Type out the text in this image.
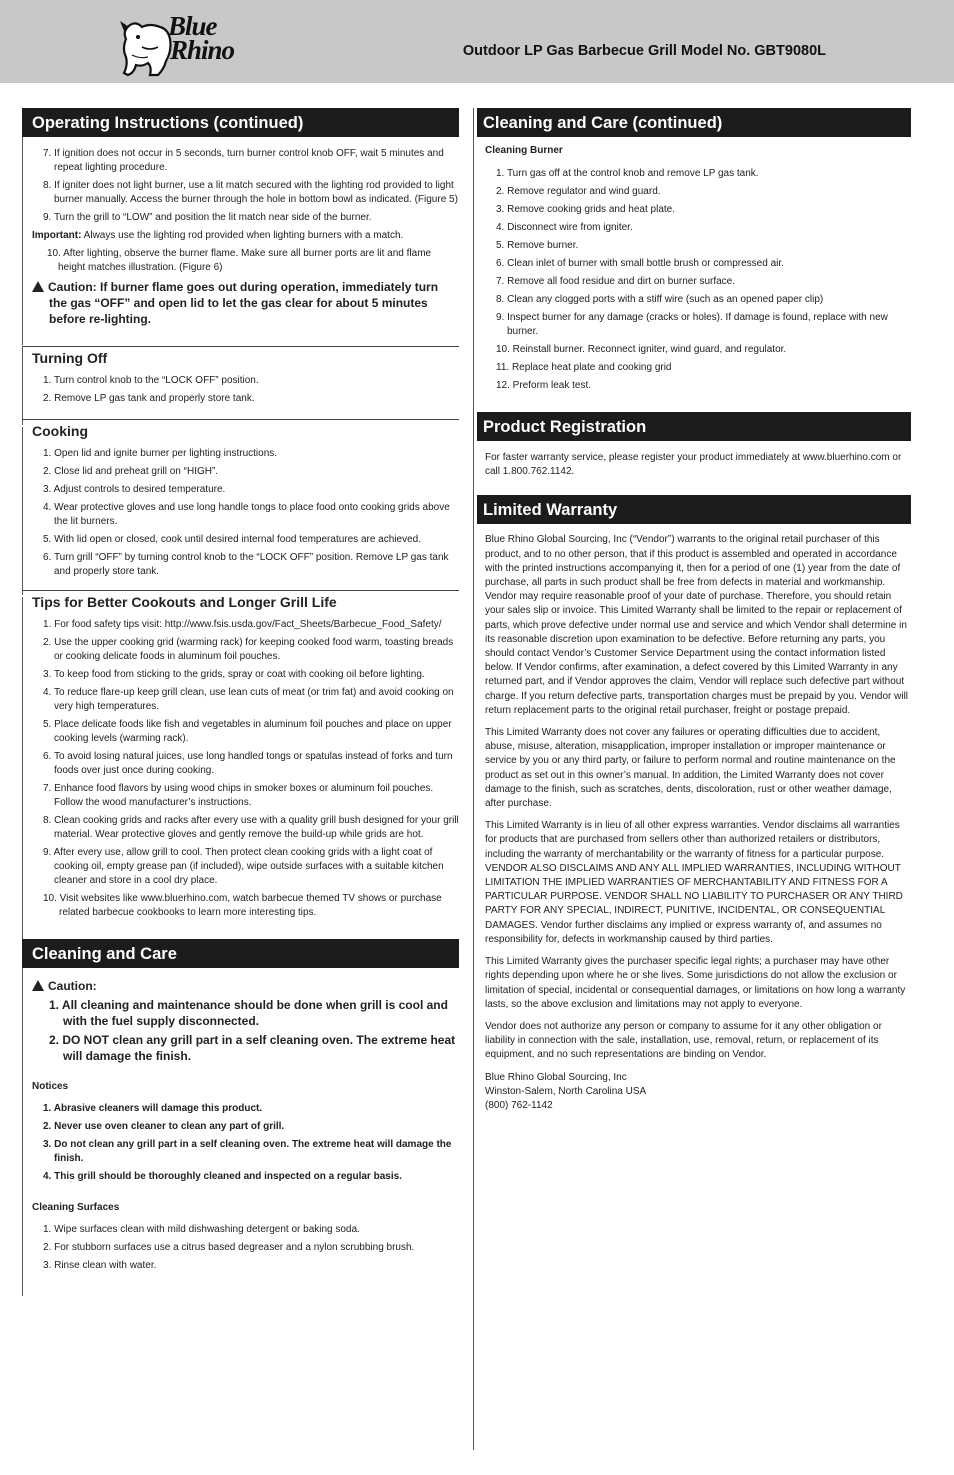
Blue
Rhino	Outdoor LP Gas Barbecue Grill Model No. GBT9080L
Operating Instructions (continued)
7. If ignition does not occur in 5 seconds, turn burner control knob OFF, wait 5 minutes and repeat lighting procedure.
8. If igniter does not light burner, use a lit match secured with the lighting rod provided to light burner manually. Access the burner through the hole in bottom bowl as indicated. (Figure 5)
9. Turn the grill to “LOW” and position the lit match near side of the burner.
Important: Always use the lighting rod provided when lighting burners with a match.
10. After lighting, observe the burner flame. Make sure all burner ports are lit and flame height matches illustration. (Figure 6)
Caution: If burner flame goes out during operation, immediately turn the gas “OFF” and open lid to let the gas clear for about 5 minutes before re-lighting.
Turning Off
1. Turn control knob to the “LOCK OFF” position.
2. Remove LP gas tank and properly store tank.
Cooking
1. Open lid and ignite burner per lighting instructions.
2. Close lid and preheat grill on “HIGH”.
3. Adjust controls to desired temperature.
4. Wear protective gloves and use long handle tongs to place food onto cooking grids above the lit burners.
5. With lid open or closed, cook until desired internal food temperatures are achieved.
6. Turn grill “OFF” by turning control knob to the “LOCK OFF” position. Remove LP gas tank and properly store tank.
Tips for Better Cookouts and Longer Grill Life
1. For food safety tips visit: http://www.fsis.usda.gov/Fact_Sheets/Barbecue_Food_Safety/
2. Use the upper cooking grid (warming rack) for keeping cooked food warm, toasting breads or cooking delicate foods in aluminum foil pouches.
3. To keep food from sticking to the grids, spray or coat with cooking oil before lighting.
4. To reduce flare-up keep grill clean, use lean cuts of meat (or trim fat) and avoid cooking on very high temperatures.
5. Place delicate foods like fish and vegetables in aluminum foil pouches and place on upper cooking levels (warming rack).
6. To avoid losing natural juices, use long handled tongs or spatulas instead of forks and turn foods over just once during cooking.
7. Enhance food flavors by using wood chips in smoker boxes or aluminum foil pouches. Follow the wood manufacturer’s instructions.
8. Clean cooking grids and racks after every use with a quality grill bush designed for your grill material. Wear protective gloves and gently remove the build-up while grids are hot.
9. After every use, allow grill to cool. Then protect clean cooking grids with a light coat of cooking oil, empty grease pan (if included), wipe outside surfaces with a suitable kitchen cleaner and store in a cool dry place.
10. Visit websites like www.bluerhino.com, watch barbecue themed TV shows or purchase related barbecue cookbooks to learn more interesting tips.
Cleaning and Care
Caution:
1. All cleaning and maintenance should be done when grill is cool and with the fuel supply disconnected.
2. DO NOT clean any grill part in a self cleaning oven. The extreme heat will damage the finish.
Notices
1. Abrasive cleaners will damage this product.
2. Never use oven cleaner to clean any part of grill.
3. Do not clean any grill part in a self cleaning oven. The extreme heat will damage the finish.
4. This grill should be thoroughly cleaned and inspected on a regular basis.
Cleaning Surfaces
1. Wipe surfaces clean with mild dishwashing detergent or baking soda.
2. For stubborn surfaces use a citrus based degreaser and a nylon scrubbing brush.
3. Rinse clean with water.
Cleaning and Care (continued)
Cleaning Burner
1. Turn gas off at the control knob and remove LP gas tank.
2. Remove regulator and wind guard.
3. Remove cooking grids and heat plate.
4. Disconnect wire from igniter.
5. Remove burner.
6. Clean inlet of burner with small bottle brush or compressed air.
7. Remove all food residue and dirt on burner surface.
8. Clean any clogged ports with a stiff wire (such as an opened paper clip)
9. Inspect burner for any damage (cracks or holes). If damage is found, replace with new burner.
10. Reinstall burner. Reconnect igniter, wind guard, and regulator.
11. Replace heat plate and cooking grid
12. Preform leak test.
Product Registration
For faster warranty service, please register your product immediately at www.bluerhino.com or call 1.800.762.1142.
Limited Warranty
Blue Rhino Global Sourcing, Inc (“Vendor”) warrants to the original retail purchaser of this product, and to no other person, that if this product is assembled and operated in accordance with the printed instructions accompanying it, then for a period of one (1) year from the date of purchase, all parts in such product shall be free from defects in material and workmanship. Vendor may require reasonable proof of your date of purchase. Therefore, you should retain your sales slip or invoice. This Limited Warranty shall be limited to the repair or replacement of parts, which prove defective under normal use and service and which Vendor shall determine in its reasonable discretion upon examination to be defective. Before returning any parts, you should contact Vendor’s Customer Service Department using the contact information listed below. If Vendor confirms, after examination, a defect covered by this Limited Warranty in any returned part, and if Vendor approves the claim, Vendor will replace such defective part without charge. If you return defective parts, transportation charges must be prepaid by you. Vendor will return replacement parts to the original retail purchaser, freight or postage prepaid.
This Limited Warranty does not cover any failures or operating difficulties due to accident, abuse, misuse, alteration, misapplication, improper installation or improper maintenance or service by you or any third party, or failure to perform normal and routine maintenance on the product as set out in this owner’s manual. In addition, the Limited Warranty does not cover damage to the finish, such as scratches, dents, discoloration, rust or other weather damage, after purchase.
This Limited Warranty is in lieu of all other express warranties. Vendor disclaims all warranties for products that are purchased from sellers other than authorized retailers or distributors, including the warranty of merchantability or the warranty of fitness for a particular purpose. VENDOR ALSO DISCLAIMS AND ANY ALL IMPLIED WARRANTIES, INCLUDING WITHOUT LIMITATION THE IMPLIED WARRANTIES OF MERCHANTABILITY AND FITNESS FOR A PARTICULAR PURPOSE. VENDOR SHALL NO LIABILITY TO PURCHASER OR ANY THIRD PARTY FOR ANY SPECIAL, INDIRECT, PUNITIVE, INCIDENTAL, OR CONSEQUENTIAL DAMAGES. Vendor further disclaims any implied or express warranty of, and assumes no responsibility for, defects in workmanship caused by third parties.
This Limited Warranty gives the purchaser specific legal rights; a purchaser may have other rights depending upon where he or she lives. Some jurisdictions do not allow the exclusion or limitation of special, incidental or consequential damages, or limitations on how long a warranty lasts, so the above exclusion and limitations may not apply to everyone.
Vendor does not authorize any person or company to assume for it any other obligation or liability in connection with the sale, installation, use, removal, return, or replacement of its equipment, and no such representations are binding on Vendor.
Blue Rhino Global Sourcing, Inc
Winston-Salem, North Carolina USA
(800) 762-1142
